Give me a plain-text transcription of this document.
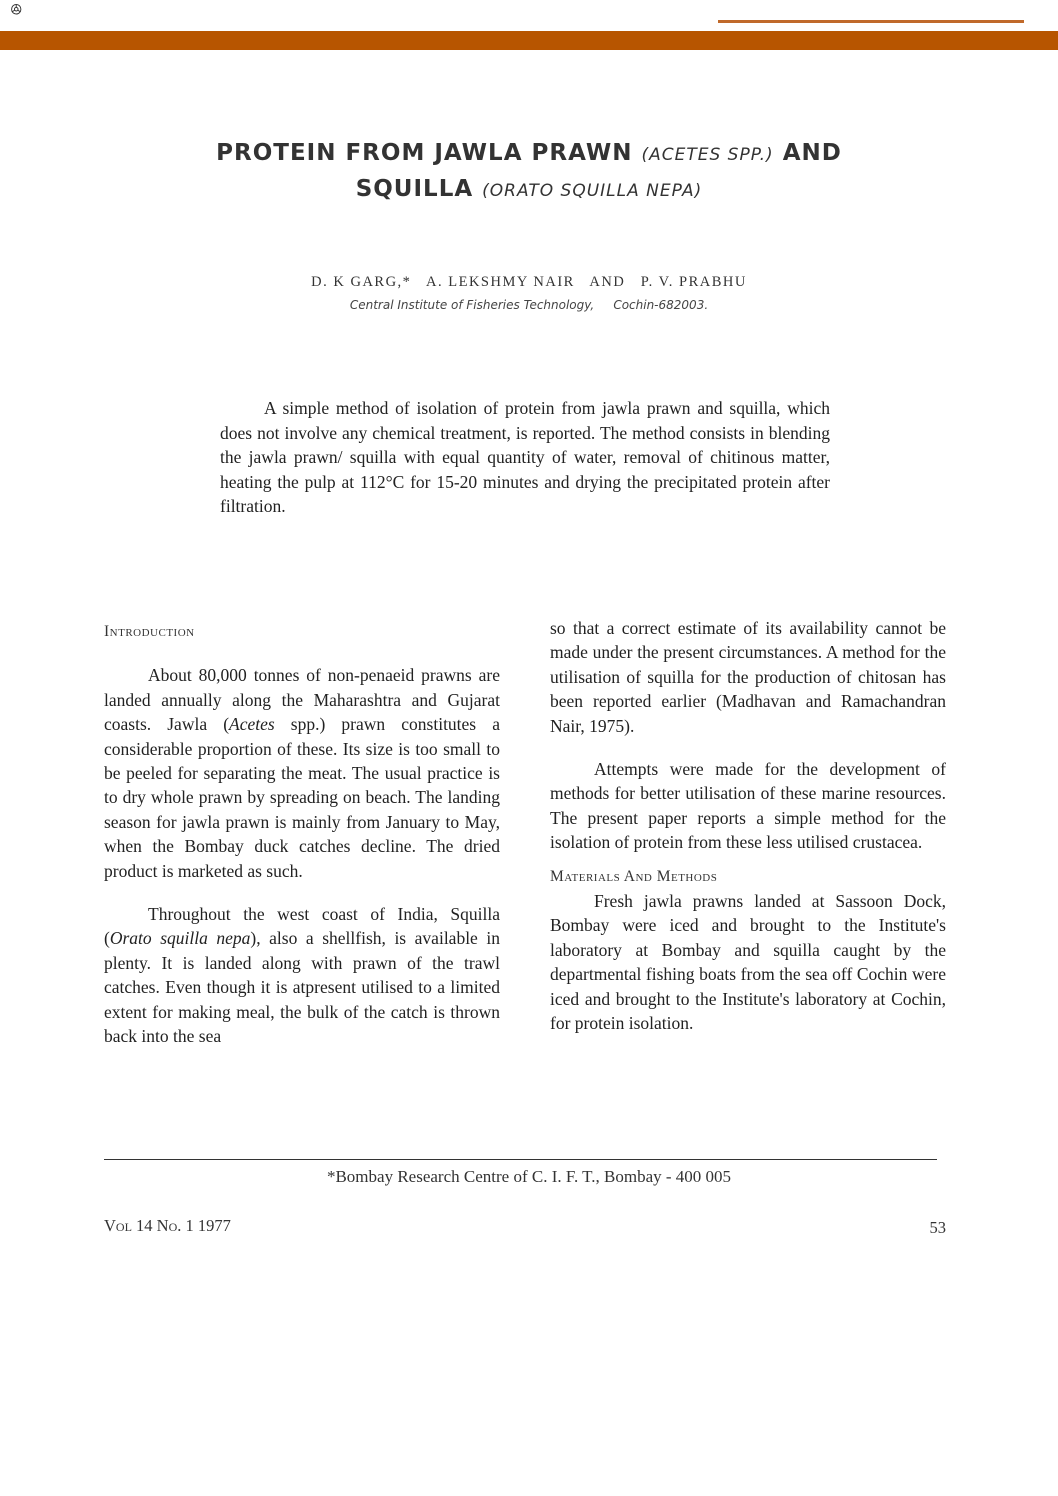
ꔮ
PROTEIN FROM JAWLA PRAWN (ACETES SPP.) AND
SQUILLA (ORATO SQUILLA NEPA)
D. K GARG,*   A. LEKSHMY NAIR   AND   P. V. PRABHU
Central Institute of Fisheries Technology,     Cochin-682003.
A simple method of isolation of protein from jawla prawn and squilla, which does not involve any chemical treatment, is reported. The method consists in blending the jawla prawn/ squilla with equal quantity of water, removal of chitinous matter, heating the pulp at 112°C for 15-20 minutes and drying the precipitated protein after filtration.

Introduction

About 80,000 tonnes of non-penaeid prawns are landed annually along the Maharashtra and Gujarat coasts. Jawla (Acetes spp.) prawn constitutes a considerable proportion of these. Its size is too small to be peeled for separating the meat. The usual practice is to dry whole prawn by spreading on beach. The landing season for jawla prawn is mainly from January to May, when the Bombay duck catches decline. The dried product is marketed as such.

Throughout the west coast of India, Squilla (Orato squilla nepa), also a shellfish, is available in plenty. It is landed along with prawn of the trawl catches. Even though it is atpresent utilised to a limited extent for making meal, the bulk of the catch is thrown back into the sea

so that a correct estimate of its availability cannot be made under the present circumstances. A method for the utilisation of squilla for the production of chitosan has been reported earlier (Madhavan and Ramachandran Nair, 1975).

Attempts were made for the development of methods for better utilisation of these marine resources. The present paper reports a simple method for the isolation of protein from these less utilised crustacea.

Materials And Methods

Fresh jawla prawns landed at Sassoon Dock, Bombay were iced and brought to the Institute's laboratory at Bombay and squilla caught by the departmental fishing boats from the sea off Cochin were iced and brought to the Institute's laboratory at Cochin, for protein isolation.

*Bombay Research Centre of C. I. F. T., Bombay - 400 005
Vol 14 No. 1 1977	53
